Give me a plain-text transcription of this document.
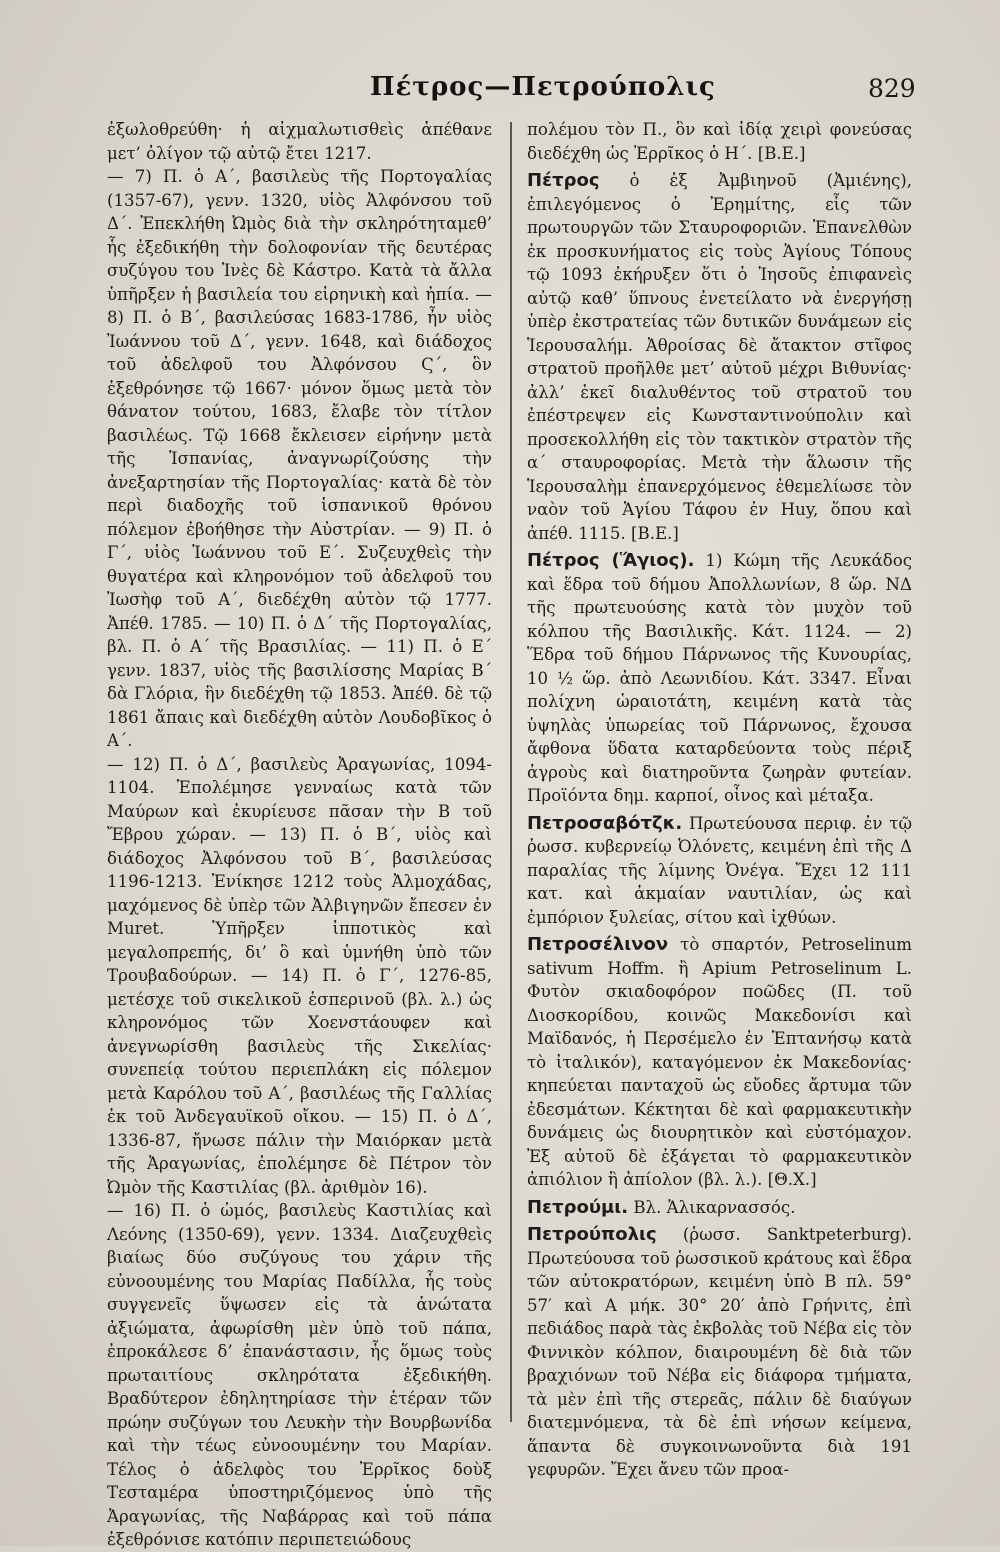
Πέτρος—Πετρούπολις	829

ἐξωλοθρεύθη· ἡ αἰχμαλωτισθεὶς ἀπέθανε μετ’ ὀλίγον τῷ αὐτῷ ἔτει 1217.

— 7) Π. ὁ Α΄, βασιλεὺς τῆς Πορτογαλίας (1357-67), γενν. 1320, υἱὸς Ἀλφόνσου τοῦ Δ΄. Ἐπεκλήθη Ὠμὸς διὰ τὴν σκληρότηταμεθ’ ἧς ἐξεδικήθη τὴν δολοφονίαν τῆς δευτέρας συζύγου του Ἰνὲς δὲ Κάστρο. Κατὰ τὰ ἄλλα ὑπῆρξεν ἡ βασιλεία του εἰρηνικὴ καὶ ἠπία. — 8) Π. ὁ Β΄, βασιλεύσας 1683-1786, ἦν υἱὸς Ἰωάννου τοῦ Δ΄, γενν. 1648, καὶ διάδοχος τοῦ ἀδελφοῦ του Ἀλφόνσου Ϛ΄, ὃν ἐξεθρόνησε τῷ 1667· μόνον ὅμως μετὰ τὸν θάνατον τούτου, 1683, ἔλαβε τὸν τίτλον βασιλέως. Τῷ 1668 ἔκλεισεν εἰρήνην μετὰ τῆς Ἱσπανίας, ἀναγνωρίζούσης τὴν ἀνεξαρτησίαν τῆς Πορτογαλίας· κατὰ δὲ τὸν περὶ διαδοχῆς τοῦ ἱσπανικοῦ θρόνου πόλεμον ἐβοήθησε τὴν Αὐστρίαν. — 9) Π. ὁ Γ΄, υἱὸς Ἰωάννου τοῦ Ε΄. Συζευχθεὶς τὴν θυγατέρα καὶ κληρονόμον τοῦ ἀδελφοῦ του Ἰωσὴφ τοῦ Α΄, διεδέχθη αὐτὸν τῷ 1777. Ἀπέθ. 1785. — 10) Π. ὁ Δ΄ τῆς Πορτογαλίας, βλ. Π. ὁ Α΄ τῆς Βρασιλίας. — 11) Π. ὁ Ε΄ γενν. 1837, υἱὸς τῆς βασιλίσσης Μαρίας Β΄ δὰ Γλόρια, ἣν διεδέχθη τῷ 1853. Ἀπέθ. δὲ τῷ 1861 ἄπαις καὶ διεδέχθη αὐτὸν Λουδοβῖκος ὁ Α΄.

— 12) Π. ὁ Δ΄, βασιλεὺς Ἀραγωνίας, 1094-1104. Ἐπολέμησε γενναίως κατὰ τῶν Μαύρων καὶ ἐκυρίευσε πᾶσαν τὴν Β τοῦ Ἔβρου χώραν. — 13) Π. ὁ Β΄, υἱὸς καὶ διάδοχος Ἀλφόνσου τοῦ Β΄, βασιλεύσας 1196-1213. Ἐνίκησε 1212 τοὺς Ἀλμοχάδας, μαχόμενος δὲ ὑπὲρ τῶν Ἀλβιγηνῶν ἔπεσεν ἐν Muret. Ὑπῆρξεν ἱπποτικὸς καὶ μεγαλοπρεπής, δι’ ὃ καὶ ὑμνήθη ὑπὸ τῶν Τρουβαδούρων. — 14) Π. ὁ Γ΄, 1276-85, μετέσχε τοῦ σικελικοῦ ἑσπερινοῦ (βλ. λ.) ὡς κληρονόμος τῶν Χοενστάουφεν καὶ ἀνεγνωρίσθη βασιλεὺς τῆς Σικελίας· συνεπείᾳ τούτου περιεπλάκη εἰς πόλεμον μετὰ Καρόλου τοῦ Α΄, βασιλέως τῆς Γαλλίας ἐκ τοῦ Ἀνδεγαυϊκοῦ οἴκου. — 15) Π. ὁ Δ΄, 1336-87, ἤνωσε πάλιν τὴν Μαιόρκαν μετὰ τῆς Ἀραγωνίας, ἐπολέμησε δὲ Πέτρον τὸν Ὠμὸν τῆς Καστιλίας (βλ. ἀριθμὸν 16).

— 16) Π. ὁ ὠμός, βασιλεὺς Καστιλίας καὶ Λεόνης (1350-69), γενν. 1334. Διαζευχθεὶς βιαίως δύο συζύγους του χάριν τῆς εὐνοουμένης του Μαρίας Παδίλλα, ἧς τοὺς συγγενεῖς ὕψωσεν εἰς τὰ ἀνώτατα ἀξιώματα, ἀφωρίσθη μὲν ὑπὸ τοῦ πάπα, ἐπροκάλεσε δ’ ἐπανάστασιν, ἧς ὅμως τοὺς πρωταιτίους σκληρότατα ἐξεδικήθη. Βραδύτερον ἐδηλητηρίασε τὴν ἑτέραν τῶν πρώην συζύγων του Λευκὴν τὴν Βουρβωνίδα καὶ τὴν τέως εὐνοουμένην του Μαρίαν. Τέλος ὁ ἀδελφὸς του Ἐρρῖκος δοὺξ Τεσταμέρα ὑποστηριζόμενος ὑπὸ τῆς Ἀραγωνίας, τῆς Ναβάρρας καὶ τοῦ πάπα ἐξεθρόνισε κατόπιν περιπετειώδους

πολέμου τὸν Π., ὃν καὶ ἰδίᾳ χειρὶ φονεύσας διεδέχθη ὡς Ἐρρῖκος ὁ Η΄. [Β.Ε.]

Πέτρος ὁ ἐξ Ἀμβιηνοῦ (Ἀμιένης), ἐπιλεγόμενος ὁ Ἐρημίτης, εἷς τῶν πρωτουργῶν τῶν Σταυροφοριῶν. Ἐπανελθὼν ἐκ προσκυνήματος εἰς τοὺς Ἁγίους Τόπους τῷ 1093 ἐκήρυξεν ὅτι ὁ Ἰησοῦς ἐπιφανεὶς αὐτῷ καθ’ ὕπνους ἐνετείλατο νὰ ἐνεργήσῃ ὑπὲρ ἐκστρατείας τῶν δυτικῶν δυνάμεων εἰς Ἱερουσαλήμ. Ἀθροίσας δὲ ἄτακτον στῖφος στρατοῦ προῆλθε μετ’ αὐτοῦ μέχρι Βιθυνίας· ἀλλ’ ἐκεῖ διαλυθέντος τοῦ στρατοῦ του ἐπέστρεψεν εἰς Κωνσταντινούπολιν καὶ προσεκολλήθη εἰς τὸν τακτικὸν στρατὸν τῆς α΄ σταυροφορίας. Μετὰ τὴν ἅλωσιν τῆς Ἱερουσαλὴμ ἐπανερχόμενος ἐθεμελίωσε τὸν ναὸν τοῦ Ἁγίου Τάφου ἐν Huy, ὅπου καὶ ἀπέθ. 1115. [Β.Ε.]

Πέτρος (Ἅγιος). 1) Κώμη τῆς Λευκάδος καὶ ἕδρα τοῦ δήμου Ἀπολλωνίων, 8 ὥρ. ΝΔ τῆς πρωτευούσης κατὰ τὸν μυχὸν τοῦ κόλπου τῆς Βασιλικῆς. Κάτ. 1124. — 2) Ἕδρα τοῦ δήμου Πάρνωνος τῆς Κυνουρίας, 10 ½ ὥρ. ἀπὸ Λεωνιδίου. Κάτ. 3347. Εἶναι πολίχνη ὡραιοτάτη, κειμένη κατὰ τὰς ὑψηλὰς ὑπωρείας τοῦ Πάρνωνος, ἔχουσα ἄφθονα ὕδατα καταρδεύοντα τοὺς πέριξ ἀγροὺς καὶ διατηροῦντα ζωηρὰν φυτείαν. Προϊόντα δημ. καρποί, οἶνος καὶ μέταξα.

Πετροσαβότζκ. Πρωτεύουσα περιφ. ἐν τῷ ῥωσσ. κυβερνείῳ Ὀλόνετς, κειμένη ἐπὶ τῆς Δ παραλίας τῆς λίμνης Ὀνέγα. Ἔχει 12 111 κατ. καὶ ἀκμαίαν ναυτιλίαν, ὡς καὶ ἐμπόριον ξυλείας, σίτου καὶ ἰχθύων.

Πετροσέλινον τὸ σπαρτόν, Petroselinum sativum Hoffm. ἢ Apium Petroselinum L. Φυτὸν σκιαδοφόρον ποῶδες (Π. τοῦ Διοσκορίδου, κοινῶς Μακεδονίσι καὶ Μαϊδανός, ἡ Περσέμελο ἐν Ἑπτανήσῳ κατὰ τὸ ἰταλικόν), καταγόμενον ἐκ Μακεδονίας· κηπεύεται πανταχοῦ ὡς εὔοδες ἄρτυμα τῶν ἐδεσμάτων. Κέκτηται δὲ καὶ φαρμακευτικὴν δυνάμεις ὡς διουρητικὸν καὶ εὐστόμαχον. Ἐξ αὐτοῦ δὲ ἐξάγεται τὸ φαρμακευτικὸν ἀπιόλιον ἢ ἀπίολον (βλ. λ.). [Θ.Χ.]

Πετρούμι. Βλ. Ἁλικαρνασσός.

Πετρούπολις (ῥωσσ. Sanktpeterburg). Πρωτεύουσα τοῦ ῥωσσικοῦ κράτους καὶ ἕδρα τῶν αὐτοκρατόρων, κειμένη ὑπὸ Β πλ. 59° 57′ καὶ Α μήκ. 30° 20′ ἀπὸ Γρήνιτς, ἐπὶ πεδιάδος παρὰ τὰς ἐκβολὰς τοῦ Νέβα εἰς τὸν Φιννικὸν κόλπον, διαιρουμένη δὲ διὰ τῶν βραχιόνων τοῦ Νέβα εἰς διάφορα τμήματα, τὰ μὲν ἐπὶ τῆς στερεᾶς, πάλιν δὲ διαύγων διατεμνόμενα, τὰ δὲ ἐπὶ νήσων κείμενα, ἅπαντα δὲ συγκοινωνοῦντα διὰ 191 γεφυρῶν. Ἔχει ἄνευ τῶν προα-
